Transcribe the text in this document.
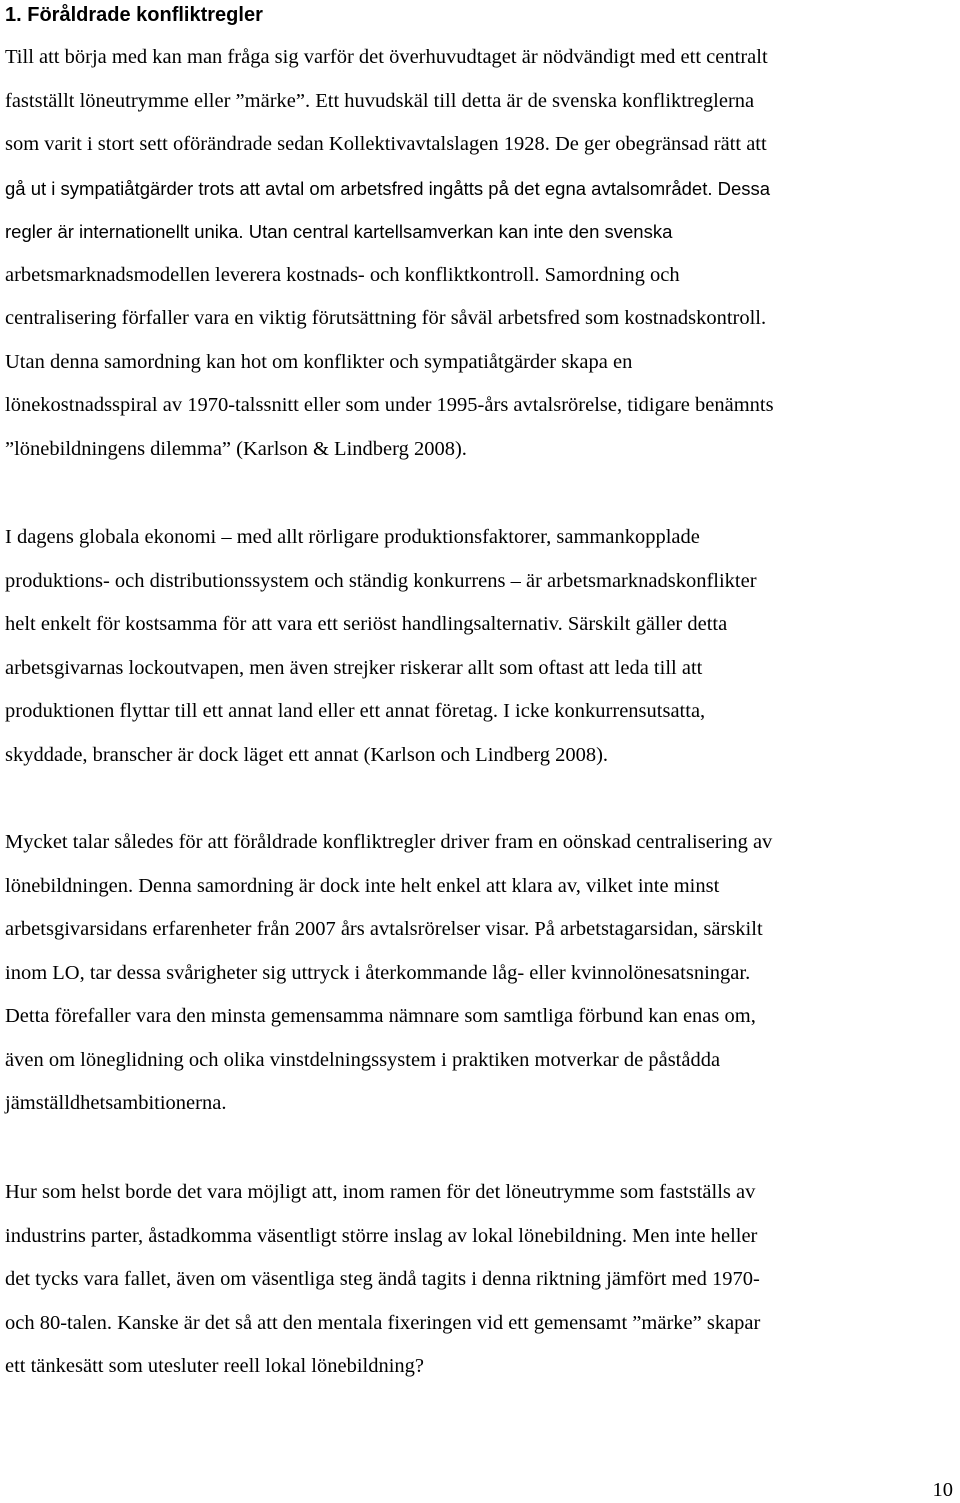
1. Föråldrade konfliktregler

Till att börja med kan man fråga sig varför det överhuvudtaget är nödvändigt med ett centralt
fastställt löneutrymme eller ”märke”. Ett huvudskäl till detta är de svenska konfliktreglerna
som varit i stort sett oförändrade sedan Kollektivavtalslagen 1928. De ger obegränsad rätt att
gå ut i sympatiåtgärder trots att avtal om arbetsfred ingåtts på det egna avtalsområdet. Dessa
regler är internationellt unika. Utan central kartellsamverkan kan inte den svenska
arbetsmarknadsmodellen leverera kostnads- och konfliktkontroll. Samordning och
centralisering förfaller vara en viktig förutsättning för såväl arbetsfred som kostnadskontroll.
Utan denna samordning kan hot om konflikter och sympatiåtgärder skapa en
lönekostnadsspiral av 1970-talssnitt eller som under 1995-års avtalsrörelse, tidigare benämnts
”lönebildningens dilemma” (Karlson & Lindberg 2008).

I dagens globala ekonomi – med allt rörligare produktionsfaktorer, sammankopplade
produktions- och distributionssystem och ständig konkurrens – är arbetsmarknadskonflikter
helt enkelt för kostsamma för att vara ett seriöst handlingsalternativ. Särskilt gäller detta
arbetsgivarnas lockoutvapen, men även strejker riskerar allt som oftast att leda till att
produktionen flyttar till ett annat land eller ett annat företag. I icke konkurrensutsatta,
skyddade, branscher är dock läget ett annat (Karlson och Lindberg 2008).

Mycket talar således för att föråldrade konfliktregler driver fram en oönskad centralisering av
lönebildningen. Denna samordning är dock inte helt enkel att klara av, vilket inte minst
arbetsgivarsidans erfarenheter från 2007 års avtalsrörelser visar. På arbetstagarsidan, särskilt
inom LO, tar dessa svårigheter sig uttryck i återkommande låg- eller kvinnolönesatsningar.
Detta förefaller vara den minsta gemensamma nämnare som samtliga förbund kan enas om,
även om löneglidning och olika vinstdelningssystem i praktiken motverkar de påstådda
jämställdhetsambitionerna.

Hur som helst borde det vara möjligt att, inom ramen för det löneutrymme som fastställs av
industrins parter, åstadkomma väsentligt större inslag av lokal lönebildning. Men inte heller
det tycks vara fallet, även om väsentliga steg ändå tagits i denna riktning jämfört med 1970-
och 80-talen. Kanske är det så att den mentala fixeringen vid ett gemensamt ”märke” skapar
ett tänkesätt som utesluter reell lokal lönebildning?

10
